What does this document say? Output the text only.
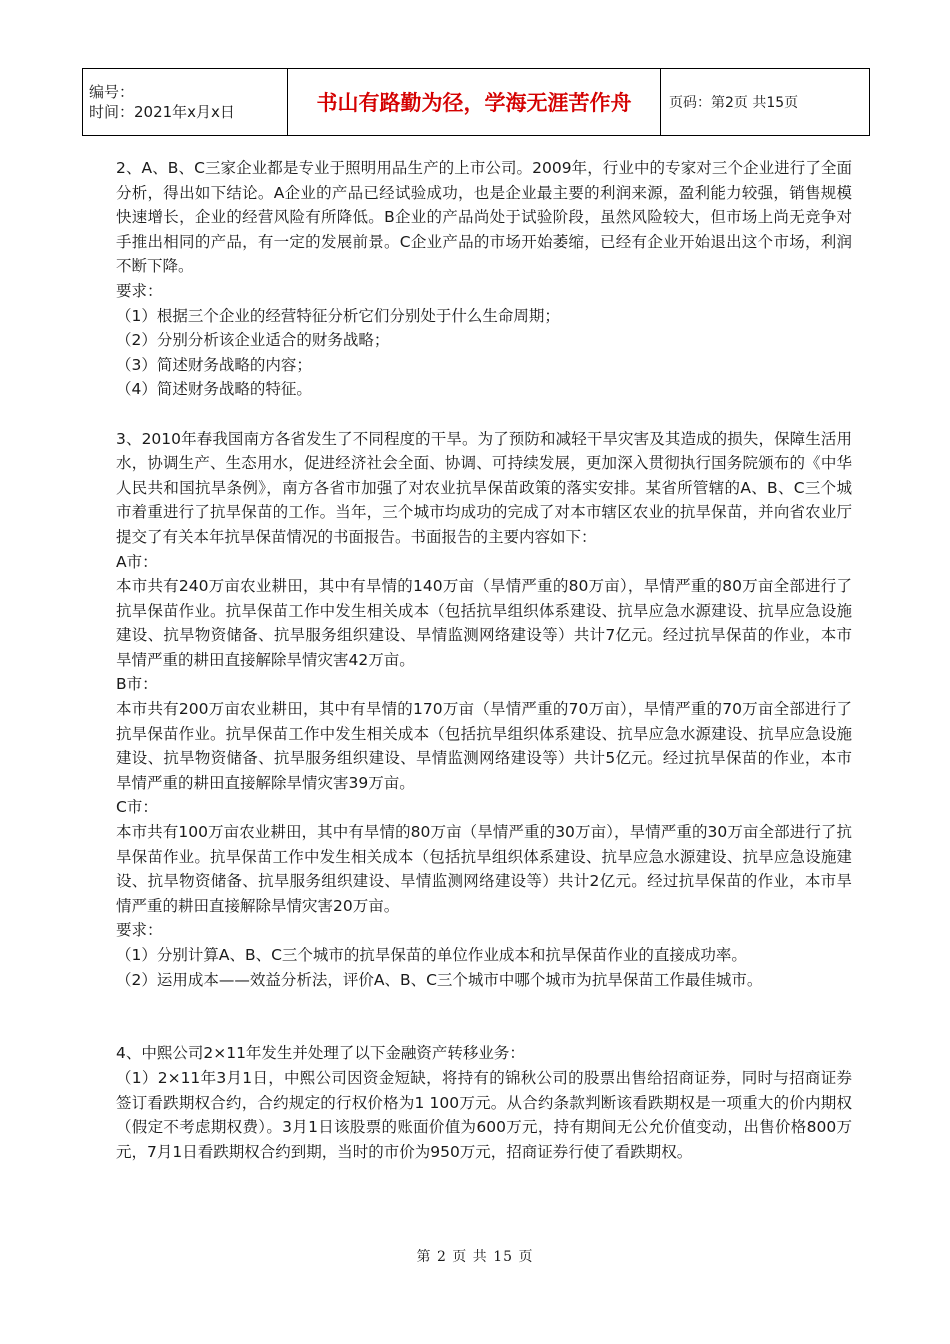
编号：
时间：2021年x月x日	书山有路勤为径，学海无涯苦作舟	页码：第2页 共15页

2、A、B、C三家企业都是专业于照明用品生产的上市公司。2009年，行业中的专家对三个企业进行了全面分析，得出如下结论。A企业的产品已经试验成功，也是企业最主要的利润来源，盈利能力较强，销售规模快速增长，企业的经营风险有所降低。B企业的产品尚处于试验阶段，虽然风险较大，但市场上尚无竞争对手推出相同的产品，有一定的发展前景。C企业产品的市场开始萎缩，已经有企业开始退出这个市场，利润不断下降。

要求：

（1）根据三个企业的经营特征分析它们分别处于什么生命周期；

（2）分别分析该企业适合的财务战略；

（3）简述财务战略的内容；

（4）简述财务战略的特征。

3、2010年春我国南方各省发生了不同程度的干旱。为了预防和减轻干旱灾害及其造成的损失，保障生活用水，协调生产、生态用水，促进经济社会全面、协调、可持续发展，更加深入贯彻执行国务院颁布的《中华人民共和国抗旱条例》，南方各省市加强了对农业抗旱保苗政策的落实安排。某省所管辖的A、B、C三个城市着重进行了抗旱保苗的工作。当年，三个城市均成功的完成了对本市辖区农业的抗旱保苗，并向省农业厅提交了有关本年抗旱保苗情况的书面报告。书面报告的主要内容如下：

A市：

本市共有240万亩农业耕田，其中有旱情的140万亩（旱情严重的80万亩），旱情严重的80万亩全部进行了抗旱保苗作业。抗旱保苗工作中发生相关成本（包括抗旱组织体系建设、抗旱应急水源建设、抗旱应急设施建设、抗旱物资储备、抗旱服务组织建设、旱情监测网络建设等）共计7亿元。经过抗旱保苗的作业，本市旱情严重的耕田直接解除旱情灾害42万亩。

B市：

本市共有200万亩农业耕田，其中有旱情的170万亩（旱情严重的70万亩），旱情严重的70万亩全部进行了抗旱保苗作业。抗旱保苗工作中发生相关成本（包括抗旱组织体系建设、抗旱应急水源建设、抗旱应急设施建设、抗旱物资储备、抗旱服务组织建设、旱情监测网络建设等）共计5亿元。经过抗旱保苗的作业，本市旱情严重的耕田直接解除旱情灾害39万亩。

C市：

本市共有100万亩农业耕田，其中有旱情的80万亩（旱情严重的30万亩），旱情严重的30万亩全部进行了抗旱保苗作业。抗旱保苗工作中发生相关成本（包括抗旱组织体系建设、抗旱应急水源建设、抗旱应急设施建设、抗旱物资储备、抗旱服务组织建设、旱情监测网络建设等）共计2亿元。经过抗旱保苗的作业，本市旱情严重的耕田直接解除旱情灾害20万亩。

要求：

（1）分别计算A、B、C三个城市的抗旱保苗的单位作业成本和抗旱保苗作业的直接成功率。

（2）运用成本——效益分析法，评价A、B、C三个城市中哪个城市为抗旱保苗工作最佳城市。

4、中熙公司2×11年发生并处理了以下金融资产转移业务：

（1）2×11年3月1日，中熙公司因资金短缺，将持有的锦秋公司的股票出售给招商证券，同时与招商证券签订看跌期权合约，合约规定的行权价格为1 100万元。从合约条款判断该看跌期权是一项重大的价内期权（假定不考虑期权费）。3月1日该股票的账面价值为600万元，持有期间无公允价值变动，出售价格800万元，7月1日看跌期权合约到期，当时的市价为950万元，招商证券行使了看跌期权。

第 2 页 共 15 页
